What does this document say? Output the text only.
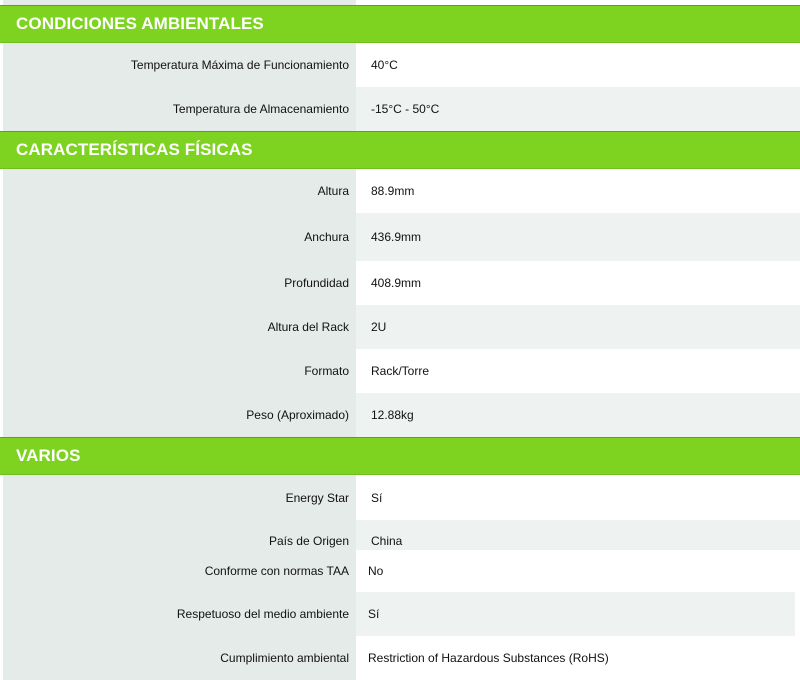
CONDICIONES AMBIENTALES
Temperatura Máxima de Funcionamiento 40°C
Temperatura de Almacenamiento -15°C - 50°C
CARACTERÍSTICAS FÍSICAS
Altura 88.9mm
Anchura 436.9mm
Profundidad 408.9mm
Altura del Rack 2U
Formato Rack/Torre
Peso (Aproximado) 12.88kg
VARIOS
Energy Star Sí
País de Origen China
Conforme con normas TAA No
Respetuoso del medio ambiente Sí
Cumplimiento ambiental Restriction of Hazardous Substances (RoHS)
